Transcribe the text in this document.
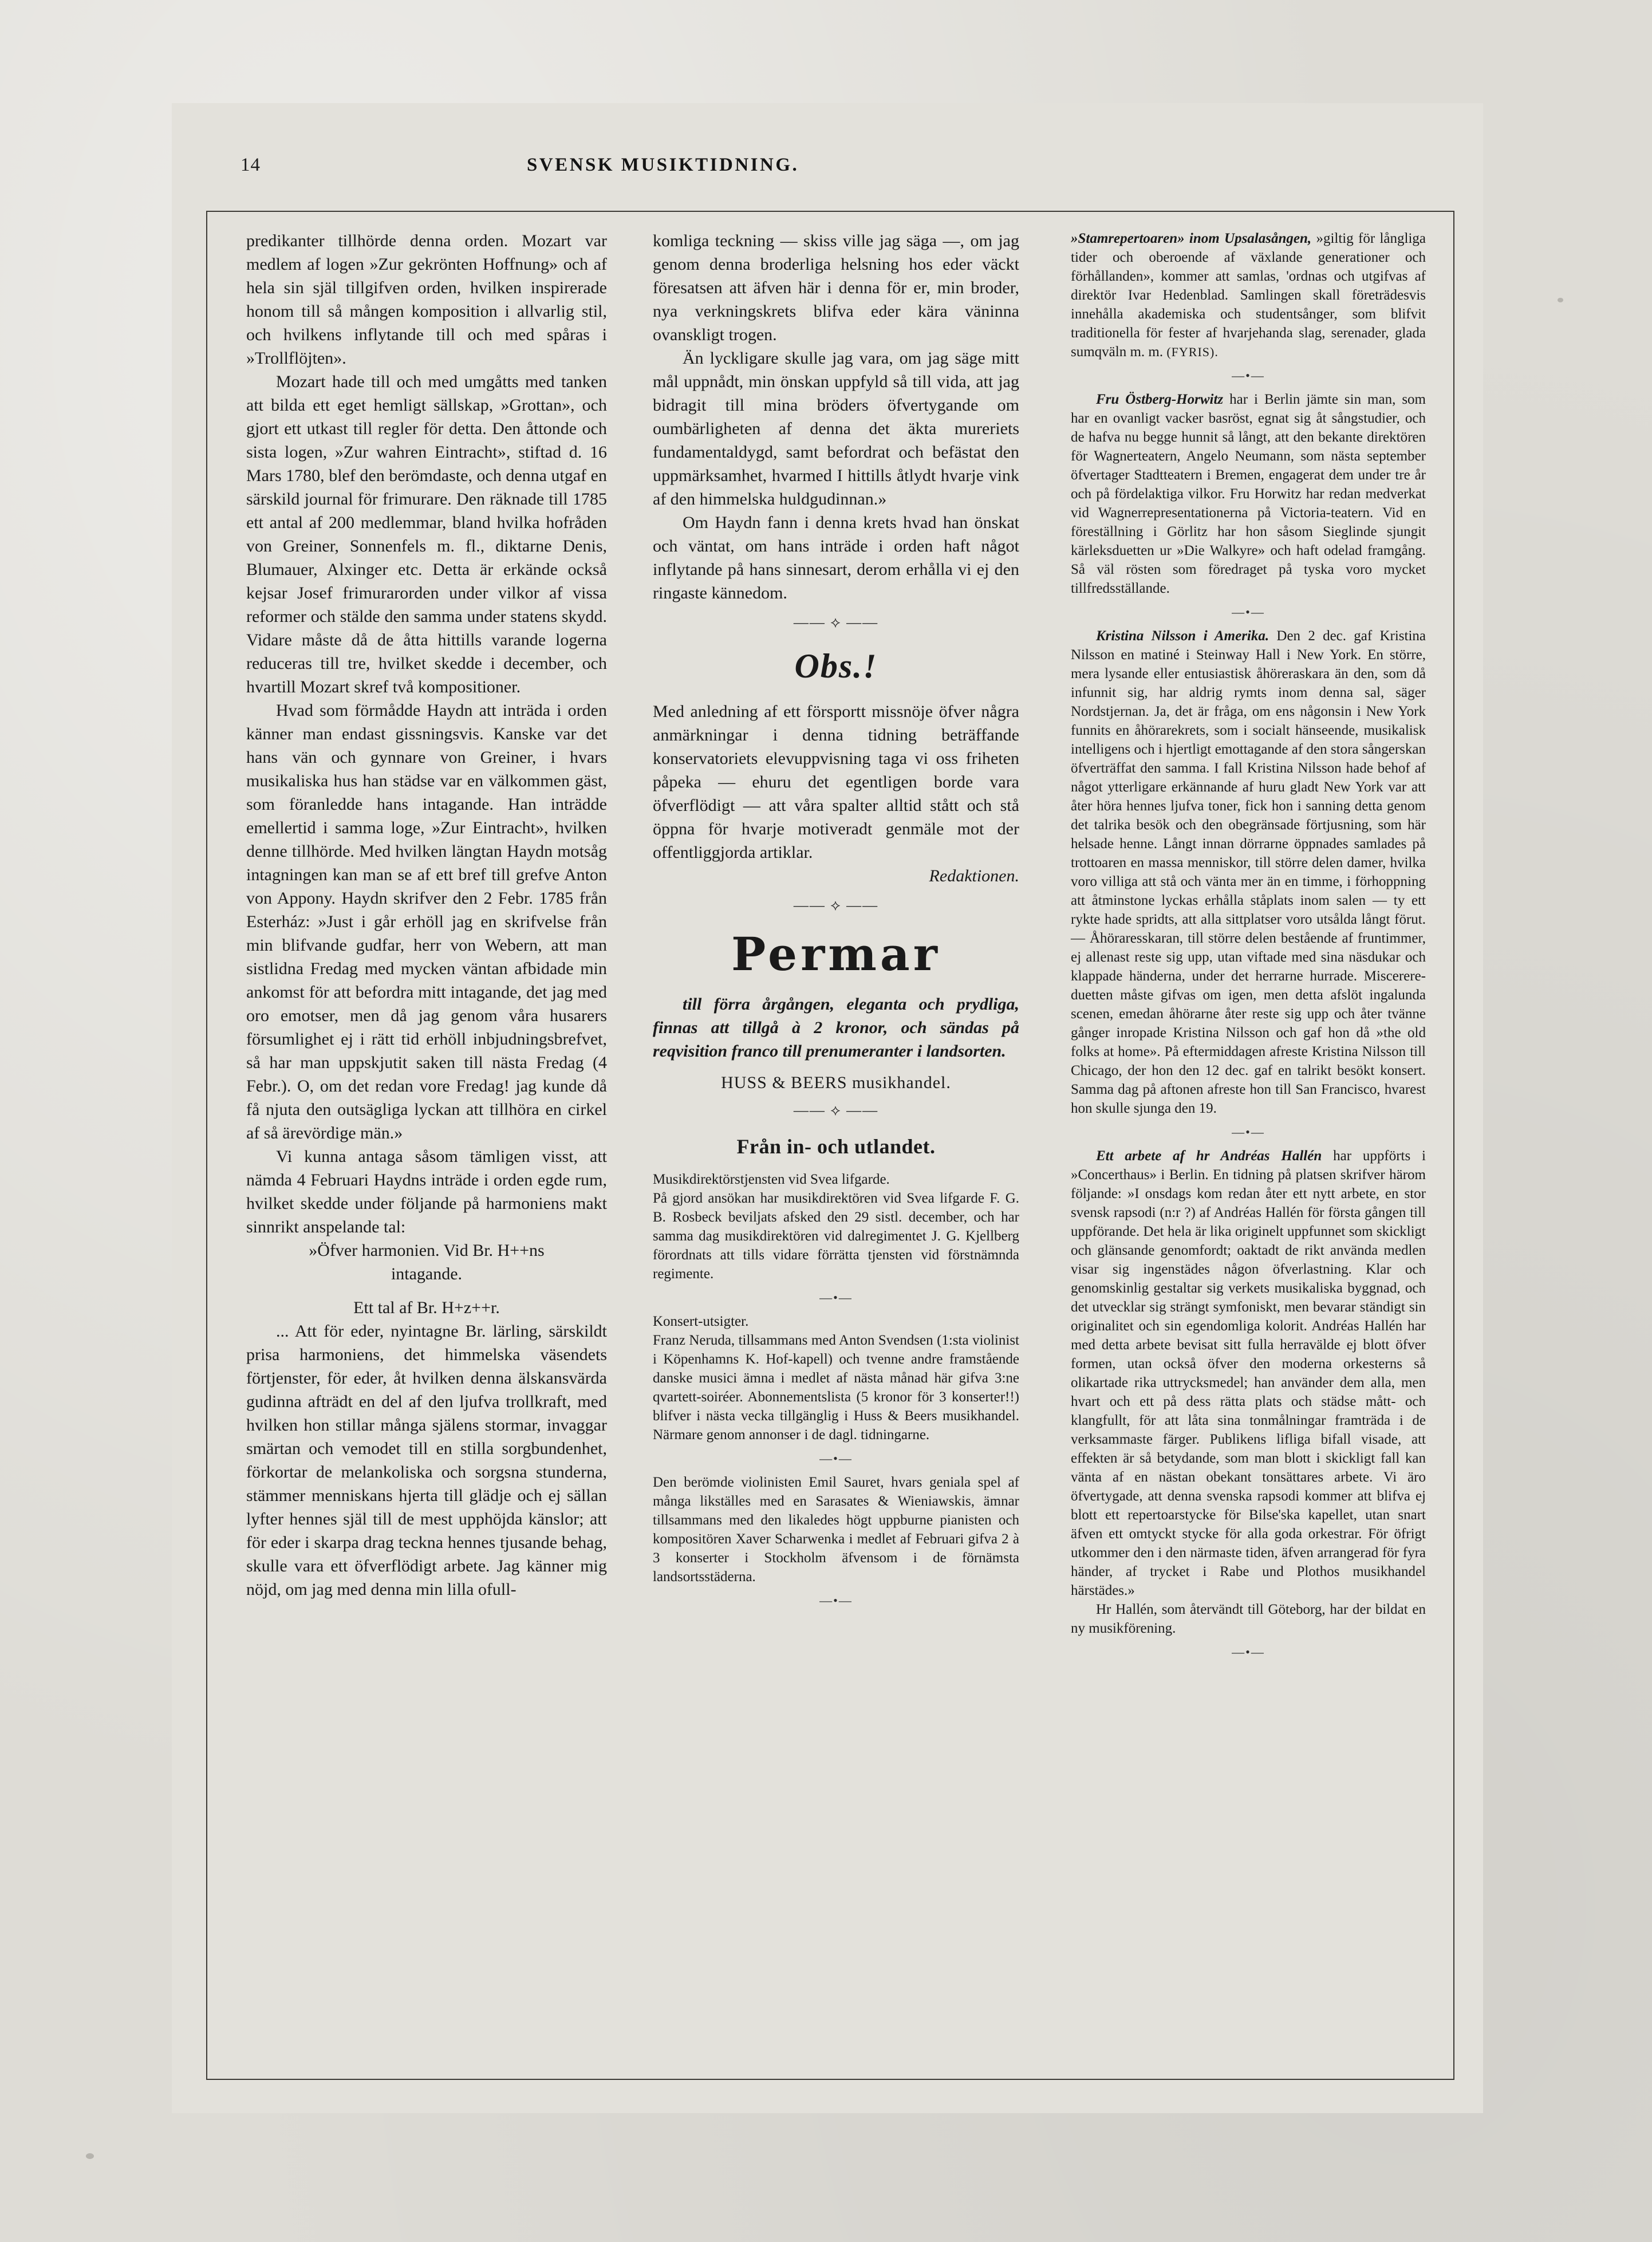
14	SVENSK MUSIKTIDNING.

predikanter tillhörde denna orden. Mozart var medlem af logen »Zur gekrönten Hoffnung» och af hela sin själ tillgifven orden, hvilken inspirerade honom till så mången komposition i allvarlig stil, och hvilkens inflytande till och med spåras i »Trollflöjten».

Mozart hade till och med umgåtts med tanken att bilda ett eget hemligt sällskap, »Grottan», och gjort ett utkast till regler för detta. Den åttonde och sista logen, »Zur wahren Eintracht», stiftad d. 16 Mars 1780, blef den berömdaste, och denna utgaf en särskild journal för frimurare. Den räknade till 1785 ett antal af 200 medlemmar, bland hvilka hofråden von Greiner, Sonnenfels m. fl., diktarne Denis, Blumauer, Alxinger etc. Detta är erkände också kejsar Josef frimurarorden under vilkor af vissa reformer och stälde den samma under statens skydd. Vidare måste då de åtta hittills varande logerna reduceras till tre, hvilket skedde i december, och hvartill Mozart skref två kompositioner.

Hvad som förmådde Haydn att inträda i orden känner man endast gissningsvis. Kanske var det hans vän och gynnare von Greiner, i hvars musikaliska hus han städse var en välkommen gäst, som föranledde hans intagande. Han inträdde emellertid i samma loge, »Zur Eintracht», hvilken denne tillhörde. Med hvilken längtan Haydn motsåg intagningen kan man se af ett bref till grefve Anton von Appony. Haydn skrifver den 2 Febr. 1785 från Esterház: »Just i går erhöll jag en skrifvelse från min blifvande gudfar, herr von Webern, att man sistlidna Fredag med mycken väntan afbidade min ankomst för att befordra mitt intagande, det jag med oro emotser, men då jag genom våra husarers försumlighet ej i rätt tid erhöll inbjudningsbrefvet, så har man uppskjutit saken till nästa Fredag (4 Febr.). O, om det redan vore Fredag! jag kunde då få njuta den outsägliga lyckan att tillhöra en cirkel af så ärevördige män.»

Vi kunna antaga såsom tämligen visst, att nämda 4 Februari Haydns inträde i orden egde rum, hvilket skedde under följande på harmoniens makt sinnrikt anspelande tal:

»Öfver harmonien. Vid Br. H++ns

intagande.

Ett tal af Br. H+z++r.

... Att för eder, nyintagne Br. lärling, särskildt prisa harmoniens, det himmelska väsendets förtjenster, för eder, åt hvilken denna älskansvärda gudinna afträdt en del af den ljufva trollkraft, med hvilken hon stillar många själens stormar, invaggar smärtan och vemodet till en stilla sorgbundenhet, förkortar de melankoliska och sorgsna stunderna, stämmer menniskans hjerta till glädje och ej sällan lyfter hennes själ till de mest upphöjda känslor; att för eder i skarpa drag teckna hennes tjusande behag, skulle vara ett öfverflödigt arbete. Jag känner mig nöjd, om jag med denna min lilla ofull-

komliga teckning — skiss ville jag säga —, om jag genom denna broderliga helsning hos eder väckt föresatsen att äfven här i denna för er, min broder, nya verkningskrets blifva eder kära väninna ovanskligt trogen.

Än lyckligare skulle jag vara, om jag säge mitt mål uppnådt, min önskan uppfyld så till vida, att jag bidragit till mina bröders öfvertygande om oumbärligheten af denna det äkta mureriets fundamentaldygd, samt befordrat och befästat den uppmärksamhet, hvarmed I hittills åtlydt hvarje vink af den himmelska huldgudinnan.»

Om Haydn fann i denna krets hvad han önskat och väntat, om hans inträde i orden haft något inflytande på hans sinnesart, derom erhålla vi ej den ringaste kännedom.

—— ⟡ ——
Obs.!

Med anledning af ett försportt missnöje öfver några anmärkningar i denna tidning beträffande konservatoriets elevuppvisning taga vi oss friheten påpeka — ehuru det egentligen borde vara öfverflödigt — att våra spalter alltid stått och stå öppna för hvarje motiveradt genmäle mot der offentliggjorda artiklar.

Redaktionen.

—— ⟡ ——
Permar

till förra årgången, eleganta och prydliga, finnas att tillgå à 2 kronor, och sändas på reqvisition franco till prenumeranter i landsorten.

HUSS & BEERS musikhandel.
—— ⟡ ——
Från in- och utlandet.

Musikdirektörstjensten vid Svea lifgarde.

På gjord ansökan har musikdirektören vid Svea lifgarde F. G. B. Rosbeck beviljats afsked den 29 sistl. december, och har samma dag musikdirektören vid dalregimentet J. G. Kjellberg förordnats att tills vidare förrätta tjensten vid förstnämnda regimente.

—•—

Konsert-utsigter.

Franz Neruda, tillsammans med Anton Svendsen (1:sta violinist i Köpenhamns K. Hof-kapell) och tvenne andre framstående danske musici ämna i medlet af nästa månad här gifva 3:ne qvartett-soiréer. Abonnementslista (5 kronor för 3 konserter!!) blifver i nästa vecka tillgänglig i Huss & Beers musikhandel. Närmare genom annonser i de dagl. tidningarne.

—•—

Den berömde violinisten Emil Sauret, hvars geniala spel af många likställes med en Sarasates & Wieniawskis, ämnar tillsammans med den likaledes högt uppburne pianisten och kompositören Xaver Scharwenka i medlet af Februari gifva 2 à 3 konserter i Stockholm äfvensom i de förnämsta landsortsstäderna.

—•—

»Stamrepertoaren» inom Upsalasången, »giltig för långliga tider och oberoende af växlande generationer och förhållanden», kommer att samlas, 'ordnas och utgifvas af direktör Ivar Hedenblad. Samlingen skall företrädesvis innehålla akademiska och studentsånger, som blifvit traditionella för fester af hvarjehanda slag, serenader, glada sumqväln m. m. (FYRIS).

—•—

Fru Östberg-Horwitz har i Berlin jämte sin man, som har en ovanligt vacker basröst, egnat sig åt sångstudier, och de hafva nu begge hunnit så långt, att den bekante direktören för Wagnerteatern, Angelo Neumann, som nästa september öfvertager Stadtteatern i Bremen, engagerat dem under tre år och på fördelaktiga vilkor. Fru Horwitz har redan medverkat vid Wagnerrepresentationerna på Victoria-teatern. Vid en föreställning i Görlitz har hon såsom Sieglinde sjungit kärleksduetten ur »Die Walkyre» och haft odelad framgång. Så väl rösten som föredraget på tyska voro mycket tillfredsställande.

—•—

Kristina Nilsson i Amerika. Den 2 dec. gaf Kristina Nilsson en matiné i Steinway Hall i New York. En större, mera lysande eller entusiastisk åhöreraskara än den, som då infunnit sig, har aldrig rymts inom denna sal, säger Nordstjernan. Ja, det är fråga, om ens någonsin i New York funnits en åhörarekrets, som i socialt hänseende, musikalisk intelligens och i hjertligt emottagande af den stora sångerskan öfverträffat den samma. I fall Kristina Nilsson hade behof af något ytterligare erkännande af huru gladt New York var att åter höra hennes ljufva toner, fick hon i sanning detta genom det talrika besök och den obegränsade förtjusning, som här helsade henne. Långt innan dörrarne öppnades samlades på trottoaren en massa menniskor, till större delen damer, hvilka voro villiga att stå och vänta mer än en timme, i förhoppning att åtminstone lyckas erhålla ståplats inom salen — ty ett rykte hade spridts, att alla sittplatser voro utsålda långt förut. — Åhöraresskaran, till större delen bestående af fruntimmer, ej allenast reste sig upp, utan viftade med sina näsdukar och klappade händerna, under det herrarne hurrade. Miscerere-duetten måste gifvas om igen, men detta afslöt ingalunda scenen, emedan åhörarne åter reste sig upp och åter tvänne gånger inropade Kristina Nilsson och gaf hon då »the old folks at home». På eftermiddagen afreste Kristina Nilsson till Chicago, der hon den 12 dec. gaf en talrikt besökt konsert. Samma dag på aftonen afreste hon till San Francisco, hvarest hon skulle sjunga den 19.

—•—

Ett arbete af hr Andréas Hallén har uppförts i »Concerthaus» i Berlin. En tidning på platsen skrifver härom följande: »I onsdags kom redan åter ett nytt arbete, en stor svensk rapsodi (n:r ?) af Andréas Hallén för första gången till uppförande. Det hela är lika originelt uppfunnet som skickligt och glänsande genomfordt; oaktadt de rikt använda medlen visar sig ingenstädes någon öfverlastning. Klar och genomskinlig gestaltar sig verkets musikaliska byggnad, och det utvecklar sig strängt symfoniskt, men bevarar ständigt sin originalitet och sin egendomliga kolorit. Andréas Hallén har med detta arbete bevisat sitt fulla herravälde ej blott öfver formen, utan också öfver den moderna orkesterns så olikartade rika uttrycksmedel; han använder dem alla, men hvart och ett på dess rätta plats och städse mått- och klangfullt, för att låta sina tonmålningar framträda i de verksammaste färger. Publikens lifliga bifall visade, att effekten är så betydande, som man blott i skickligt fall kan vänta af en nästan obekant tonsättares arbete. Vi äro öfvertygade, att denna svenska rapsodi kommer att blifva ej blott ett repertoarstycke för Bilse'ska kapellet, utan snart äfven ett omtyckt stycke för alla goda orkestrar. För öfrigt utkommer den i den närmaste tiden, äfven arrangerad för fyra händer, af trycket i Rabe und Plothos musikhandel härstädes.»

Hr Hallén, som återvändt till Göteborg, har der bildat en ny musikförening.

—•—
